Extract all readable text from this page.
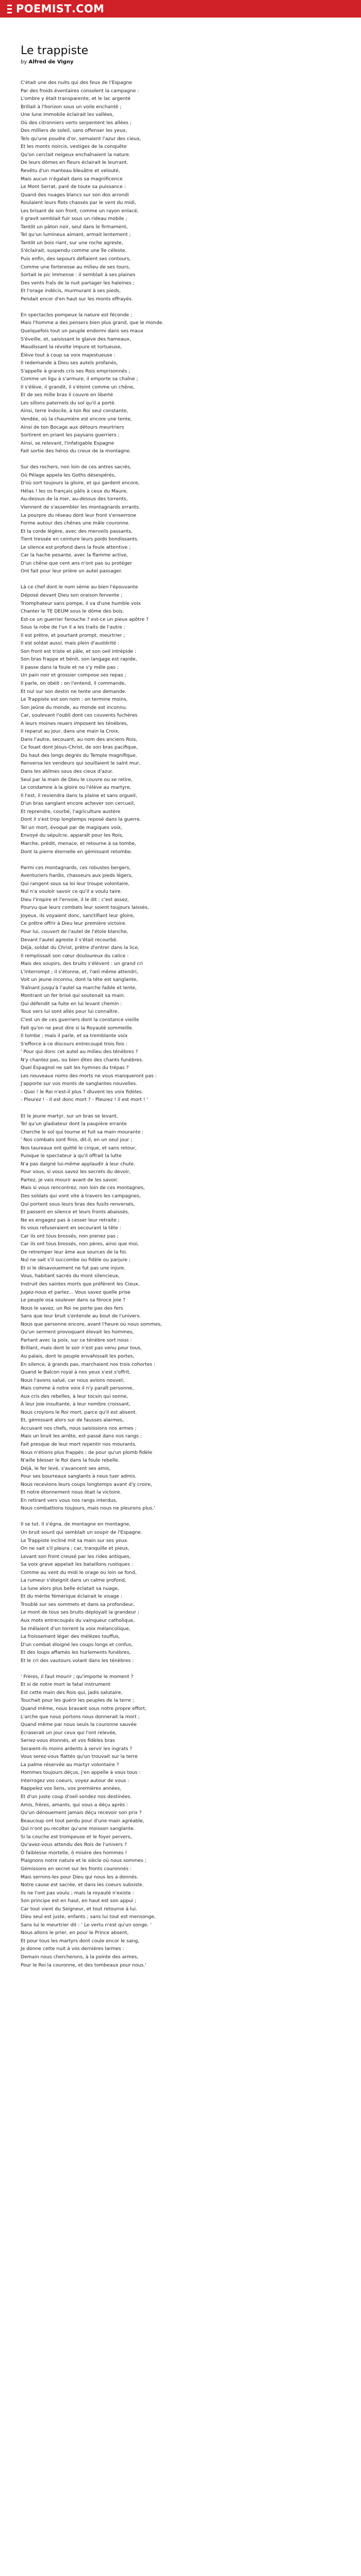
POEMIST .COM
Le trappiste
by Alfred de Vigny
C'était une des nuits qui des feux de l'Espagne
Par des froids éventaires consolent la campagne :
L'ombre y était transparente, et le lac argenté
Brillait à l'horizon sous un voile enchanté ;
Une lune immobile éclairait les vallées,
Où des citronniers verts serpentent les allées ;
Des milliers de soleil, sans offenser les yeux,
Tels qu'une poudre d'or, semaient l'azur des cieux,
Et les monts noircis, vestiges de la conquête
Qu'on cerclait neigeux enchaînaient la nature.
De leurs dômes en fleurs éclairait le leurrant.
Revêtu d'un manteau bleuâtre et velouté,
Mais aucun n'égalait dans sa magnificence
Le Mont Serrat, paré de toute sa puissance :
Quand des nuages blancs sur son dos arrondi
Roulaient leurs flots chassés par le vent du midi,
Les brisant de son front, comme un rayon enlacé,
Il gravit semblait fuir sous un rideau mobile ;
Tantôt un pâton noir, seul dans le firmament,
Tel qu'un lumineux aimant, armait lentement ;
Tantôt un bois riant, sur une roche agreste,
S'éclairait, suspendu comme une île céleste.
Puis enfin, des sepours défiaient ses contours,
Comme une forteresse au milieu de ses tours,
Sortait le pic immense : il semblait à ses plaines
Des vents fraîs de la nuit partager les haleines ;
Et l'orage indécis, murmurant à ses pieds,
Pendait encor d'en haut sur les monts effrayés.
En spectacles pompeux la nature est féconde ;
Mais l'homme a des pensers bien plus grand, que le monde.
Quelquefois tout un peuple endormi dans ses maux
S'éveille, et, saisissant le glaive des hameaux,
Maudissant la révolte impure et tortueuse,
Élève tout à coup sa voix majestueuse :
Il redemande à Dieu ses autels profanés,
S'appelle à grands cris ses Rois emprisonnés ;
Comme un ligu à s'armure, il emporte sa chaîne ;
Il s'élève, il grandit, il s'éteint comme un chêne,
Et de ses mille bras il couvre en liberté
Les sillons paternels du sol qu'il a porté.
Ainsi, terre indocile, à ton Roi seul constante,
Vendée, où la chaumière est encore une tente,
Ainsi de ton Bocage aux détours meurtriers
Sortirent en priant les paysans guerriers ;
Ainsi, se relevant, l'infatigable Espagne
Fait sortie des héros du creux de la montagne.
Sur des rochers, non loin de ces antres sacrés,
Où Pélage appela les Goths désespérés,
D'où sort toujours la gloire, et qui gardent encore,
Hélas ! les os français pâlis à ceux du Maure,
Au-dessus de la mer, au-dessus des torrents,
Viennent de s'assembler les montagnards errants.
La pourpre du réseau dont leur front s'enserrone
Forme autour des chênes une mâle couronne.
Et la corde légère, avec des merveils passants,
Tient tressée en ceinture leurs poids bondissants.
Le silence est profond dans la foule attentive ;
Car la hache pesante, avec la flamme active,
D'un chêne que cent ans n'ont pas su protéger
Ont fait pour leur prière un autel passager.
Là ce chef dont le nom sème au bien l'épouvante
Déposé devant Dieu son oraison fervente ;
Triomphateur sans pompe, il va d'une humble voix
Chanter le TE DEUM sous le dôme des bois.
Est-ce un guerrier farouche ? est-ce un pieux apôtre ?
Sous la robe de l'un il a les traits de l'autre :
Il est prêtre, et pourtant prompt, meurtrier ;
Il est soldat aussi, mais plein d'austérité :
Son front est triste et pâle, et son oeil intrépide :
Son bras frappe et bénit, son langage est rapide,
Il passe dans la foule et ne s'y mêle pas ;
Un pain noir et grossier compose ses repas ;
Il parle, on obéit ; on l'entend, il commande,
Et nul sur son destin ne tente une demande.
Le Trappiste est son nom : on termine moins,
Son jeûne du monde, au monde est inconnu.
Car, soulevant l'oubli dont ces couvents fuchères
A leurs moines reuers imposent les ténèbres,
Il reparut au jour, dans une main la Croix,
Dans l'autre, secouant, au nom des anciens Rois,
Ce fouet dont Jésus-Christ, de son bras pacifique,
Du haut des longs degrés du Temple magnifique,
Renversa les vendeurs qui souillaient le saint mur,
Dans les abîmes sous des cieux d'azur.
Seul par la main de Dieu le couvre ou se retire,
Le condamne à la gloire ou l'élève au martyre,
Il l'est, il reviendra dans la plaine et sans orgueil,
D'un bras sanglant encore achever son cercueil,
Et reprendre, courbé, l'agriculture austère
Dont il s'est trop longtemps reposé dans la guerre.
Tel un mort, évoqué par de magiques voix,
Envoyé du sépulcre, apparaît pour les Rois,
Marche, prédit, menace, et retourne à sa tombe,
Dont la pierre éternelle en gémissant retombe.
Parmi ces montagnards, ces robustes bergers,
Aventuriers hardis, chasseurs aux pieds légers,
Qui rangent sous sa loi leur troupe volontaire,
Nul n'a vouloir savoir ce qu'il a voulu taire.
Dieu l'inspire et l'envoie, il le dit : c'est assez,
Pourvu que leurs combats leur soient toujours laissés,
Joyeux, ils voyaient donc, sanctifiant leur gloire,
Ce prêtre offrir à Dieu leur première victoire.
Pour lui, couvert de l'autel de l'étole blanche,
Devant l'autel agreste il s'était recourbé.
Déjà, soldat du Christ, prêtre d'entrer dans la lice,
Il remplissait son cœur douloureux du calice :
Mais des soupirs, des bruits s'élèvent : un grand cri
L'interrompt ; il s'étonne, et, l'œil même attendri,
Voit un jeune inconnu, dont la tête est sanglante,
Traînant jusqu'à l'autel sa marche faible et lente,
Montrant un fer brisé qui soutenait sa main.
Qui défendit sa fuite en lui levant chemin :
Tous vers lui sont allés pour lui connaître.
C'est un de ces guerriers dont la constance vieille
Fait qu'on ne peut dire si la Royauté sommeille.
Il tombe ; mais il parle, et sa tremblante voix
S'efforce à ce discours entrecoupé trois fois :
' Pour qui donc cet autel au milieu des ténèbres ?
N'y chantez pas, ou bien dites des chants funèbres.
Quel Espagnol ne sait les hymnes du trépas ?
Les nouveaux noms des morts ne vous manqueront pas :
J'apporte sur vos monts de sanglantes nouvelles.
- Quoi ! le Roi n'est-il plus ? dluvent les voix fidèles.
- Pleurez ! - Il est donc mort ? - Pleurez ! il est mort ! '
Et le jeune martyr, sur un bras se levant,
Tel qu'un gladiateur dont la paupière errante
Cherche le sol qui tourne et fuit sa main mourante :
' Nos combats sont finis, dit-il, en un seul jour ;
Nos taureaux ont quitté le cirque, et sans retour,
Puisque le spectateur à qu'il offrait la lutte
N'a pas daigné lui-même applaudir à leur chute.
Pour vous, si vous savez les secrets du devoir,
Partez, je vais mourir avant de les savoir.
Mais si vous rencontrez, non loin de ces montagnes,
Des soldats qui vont vite à travers les campagnes,
Qui portent sous leurs bras des fusils renversés,
Et passent en silence et leurs fronts abaissés,
Ne es engagez pas à cesser leur retraite ;
Ils vous refuseraient en secourant la tête :
Car ils ont tous brossés, non prenez pas ;
Car ils ont tous brossés, non pères, ainsi que moi,
De retremper leur âme aux sources de la foi.
Nul ne sait s'il succombe ou fidèle ou parjure ;
Et si le désavouement ne fut pas une injure.
Vous, habitant sacrés du mont silencieux,
Instruit des saintes morts que préfèrent les Cieux,
Jugez-nous et parlez... Vous savez quelle prise
Le peuple osa soulever dans sa féroce joie ?
Nous le savez, un Roi ne porte pas des fers
Sans que leur bruit s'entende au bout de l'univers.
Nous que personne encore, avant l'heure où nous sommes,
Qu'un serment provoquant élevait les hommes,
Partant avec la poix, sur ce ténèbre sort nous :
Brillant, mais dont le soir n'est pas venu pour tous,
Au palais, dont le peuple envahissait les portes,
En silence, à grands pas, marchaient nos trois cohortes :
Quand le Balcon royal à nos yeux s'est s'offrit,
Nous l'avons salué, car nous avions nouvel;
Mais comme à notre voix il n'y paraît personne,
Aux cris des rebelles, à leur tocsin qui sonne,
À leur joie insultante, à leur nombre croissant,
Nous croyions le Roi mort, parce qu'il est absent.
Et, gémissant alors sur de fausses alarmes,
Accusant nos chefs, nous saisissions nos armes ;
Mais un bruit les arrête, est passé dans nos rangs ;
Fait presque de leur mort repentir nos mourants.
Nous n'étions plus frappés ; de pour qu'un plomb fidèle
N'aille blesser le Roi dans la foule rebelle.
Déjà, le fer levé, s'avancent ses amis,
Pour ses bourreaux sanglants à nous tuer admis.
Nous recevions leurs coups longtemps avant d'y croire,
Et notre étonnement nous ôtait la victoire.
En retirant vers vous nos rangs interdus,
Nous combattions toujours, mais nous ne pleurons plus.'
Il se tut. Il s'égna, de montagne en montagne,
Un bruit sourd qui semblait un soupir de l'Espagne.
Le Trappiste incliné mit sa main sur ses yeux.
On ne sait s'il pleura ; car, tranquille et pieux,
Levant son front creusé par les rides antiques,
Sa voix grave appelait les bataillons rustiques :
Comme au vent du midi le orage ou loin se fond,
La rumeur s'éteignit dans un calme profond,
La lune alors plus belle éclatait sa nuage,
Et du mérite fémérique éclairait le visage :
Troublé sur ses sommets et dans sa profondeur,
Le mont de tous ses bruits déployait la grandeur ;
Aux mots entrecoupés du vainqueur catholique,
Se mêlaient d'un torrent la voix mélancolique,
La froissement léger des mélèzes touffus,
D'un combat éloigné les coups longs et confus,
Et des loups affamés les hurlements funèbres,
Et le cri des vautours volant dans les ténèbres :
' Frères, il faut mourir ; qu'importe le moment ?
Et si de notre mort le fatal instrument
Est cette main des Rois qui, jadis salutaire,
Touchait pour les guérir les peuples de la terre ;
Quand même, nous bravant sous notre propre effort,
L'arche que nous portons nous donnerait la mort ;
Quand même par nous seuls la couronne sauvée
Ecraserait un jour ceux qui l'ont relevée,
Seriez-vous étonnés, et vos fidèles bras
Seraient-ils moins ardents à servir les ingrats ?
Vous serez-vous flattés qu'un trouvait sur la terre
La palme réservée au martyr volontaire ?
Hommes toujours déçus, j'en appelle à vous tous :
Interrogez vos coeurs, voyez autour de vous :
Rappelez vos liens, vos premières années,
Et d'un juste coup d'oeil sondez nos destinées.
Amis, frères, amants, qui vous a déçu après :
Qu'un dénouement jamais déçu recevoir son prix ?
Beaucoup ont tout perdu pour d'une main agréable,
Qui n'ont pu recolter qu'une moisson sanglante.
Si la couche est trompeuse et le foyer pervers,
Qu'avez-vous attendu des Rois de l'univers ?
Ô faiblesse mortelle, ô misère des hommes !
Plaignons notre nature et le siècle où nous sommes ;
Gémissons en secret sur les fronts couronnés :
Mais serrons-les pour Dieu qui nous les a donnés.
Notre cause est sacrée, et dans les coeurs subsiste.
Ils ne l'ont pas voulu ; mais la royauté n'existe :
Son principe est en haut, en haut est son appui ;
Car tout vient du Seigneur, et tout retourne à lui.
Dieu seul est juste, enfants ; sans lui tout est mensonge,
Sans lui le meurtrier dit : ' Le vertu n'est qu'un songe. '
Nous allons le prier, en pour le Prince absent,
Et pour tous les martyrs dont coule encor le sang,
Je donne cette nuit à vos dernières larmes :
Demain nous chercherons, à la pointe des armes,
Pour le Roi la couronne, et des tombeaux pour nous.'
